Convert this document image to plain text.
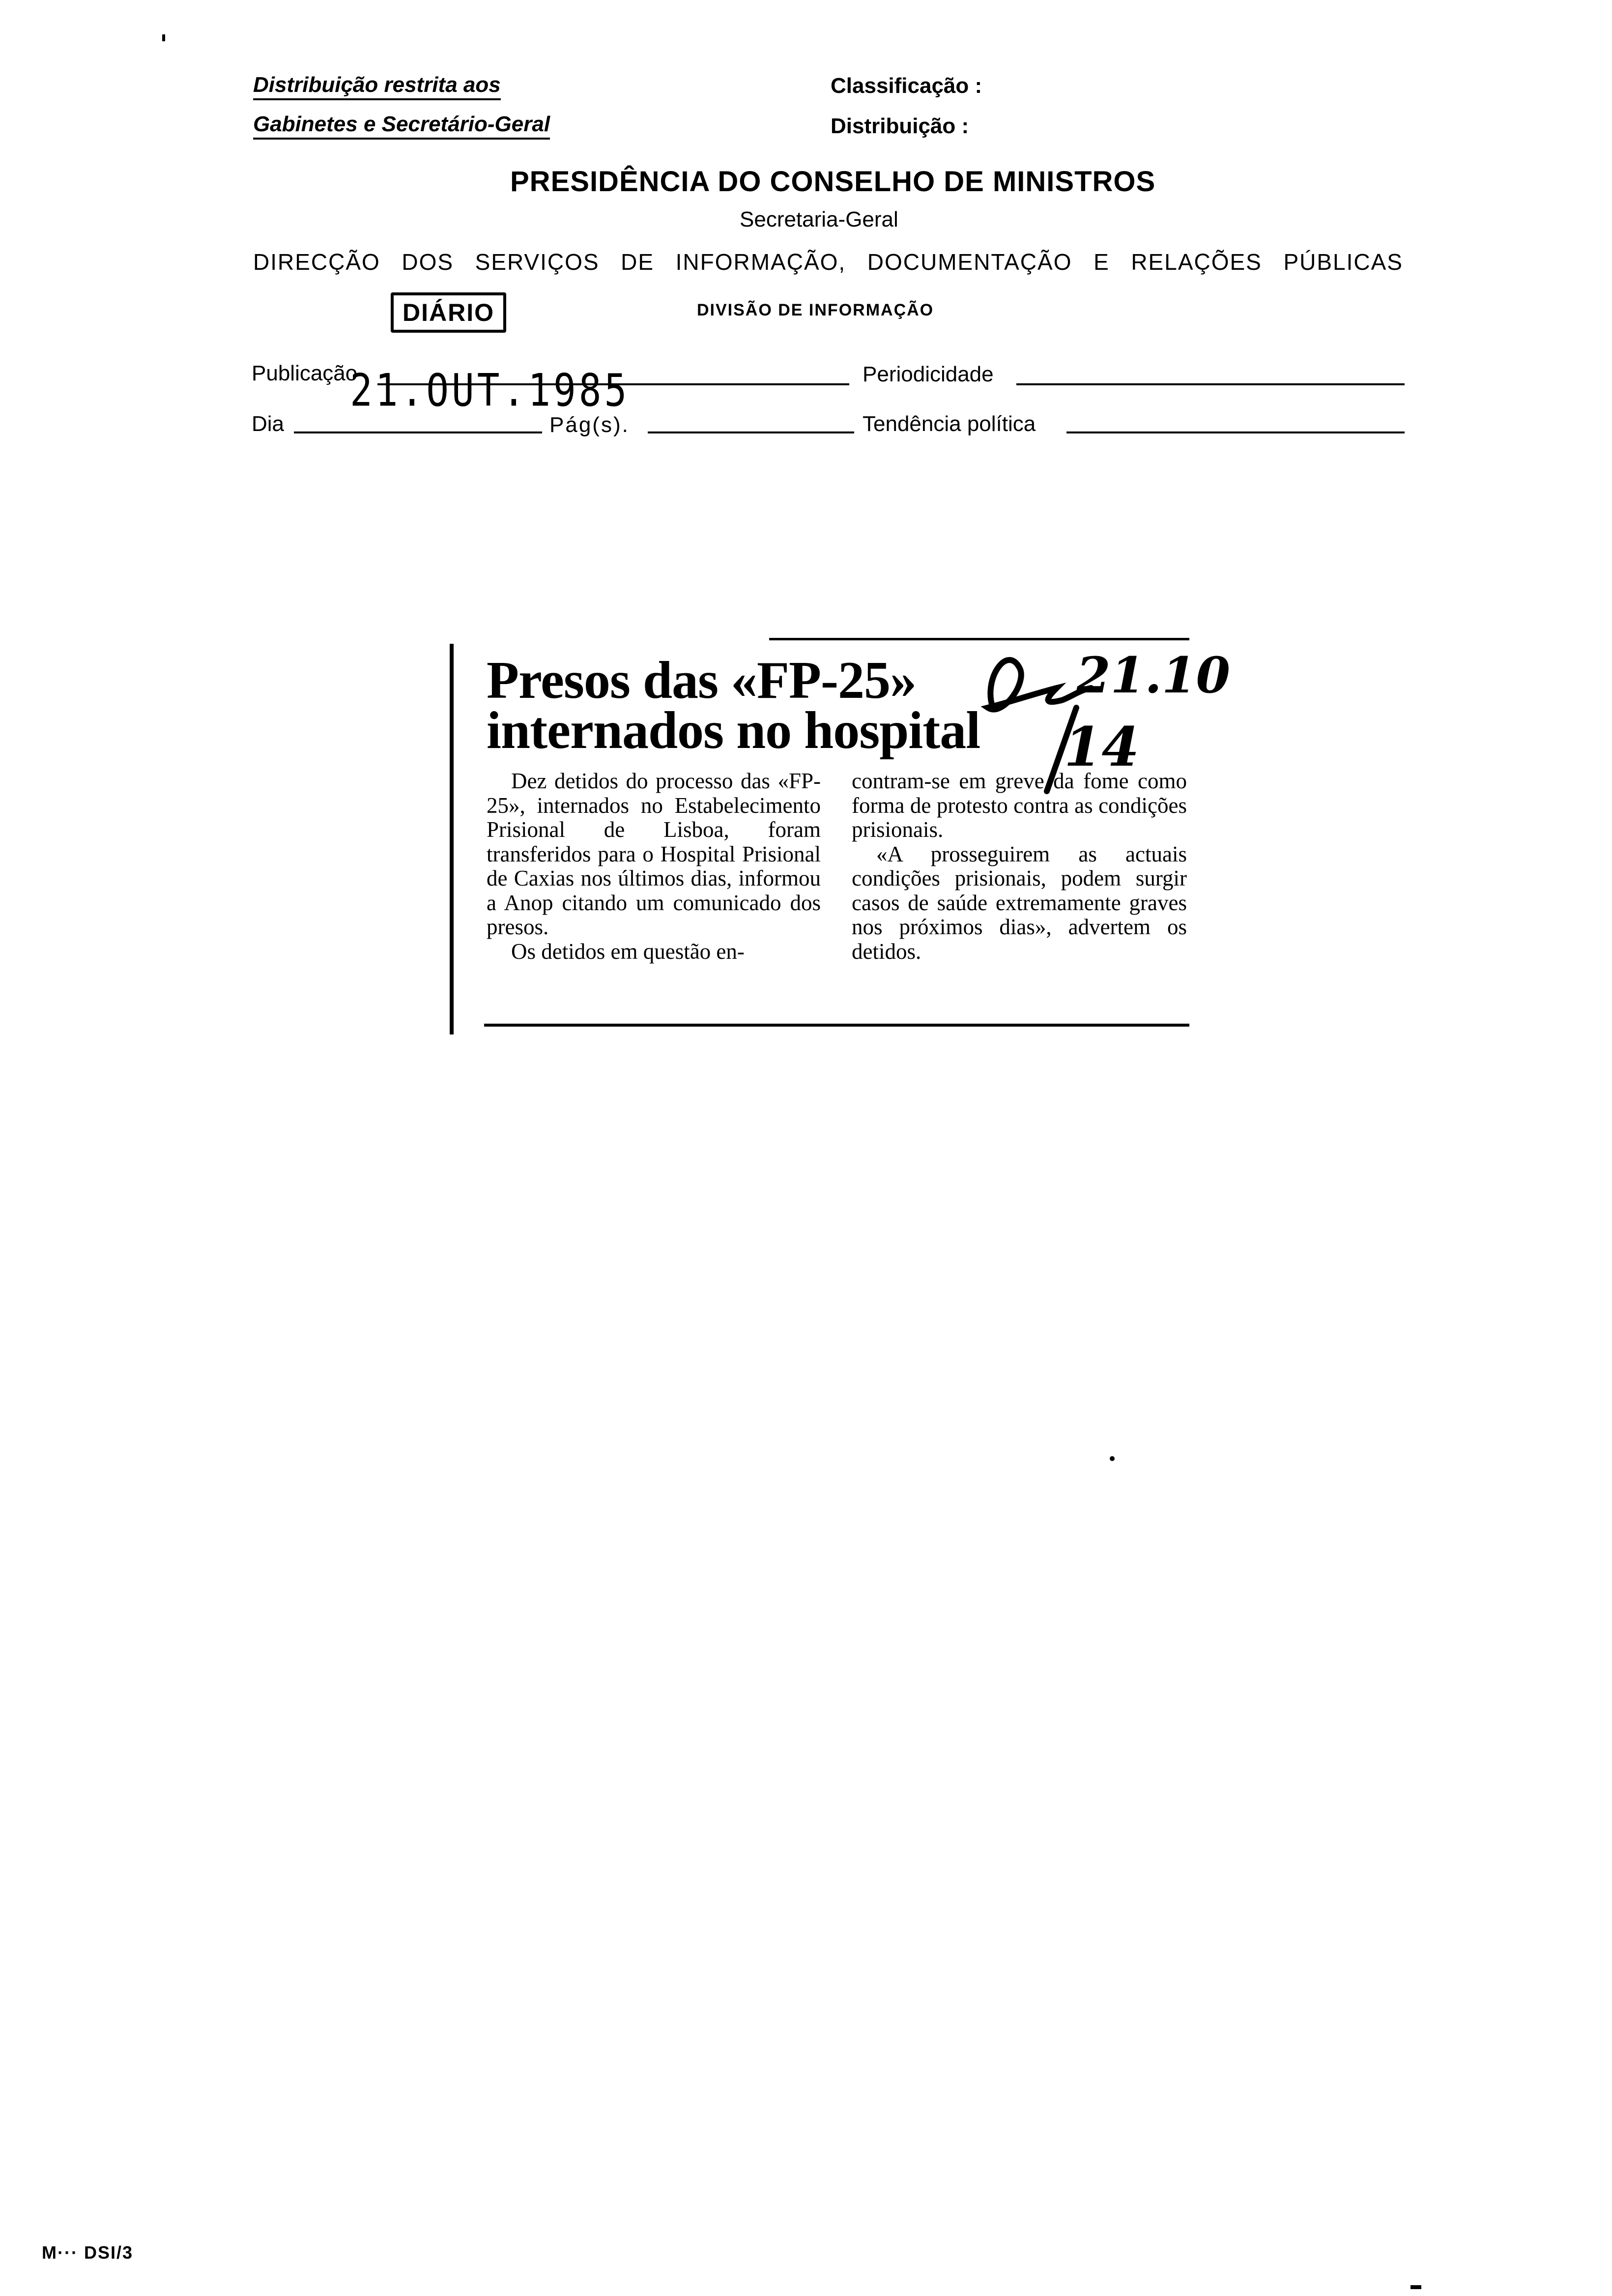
Distribuição restrita aos
Gabinetes e Secretário-Geral
Classificação :
Distribuição :
PRESIDÊNCIA DO CONSELHO DE MINISTROS
Secretaria-Geral
DIRECÇÃO DOS SERVIÇOS DE INFORMAÇÃO, DOCUMENTAÇÃO E RELAÇÕES PÚBLICAS
DIÁRIO	DIVISÃO DE INFORMAÇÃO
Publicação	Periodicidade
21.OUT.1985
Dia	Pág(s).	Tendência política
Presos das «FP-25»
internados no hospital

Dez detidos do processo das «FP-25», internados no Estabelecimento Prisional de Lisboa, foram transferidos para o Hospital Prisional de Caxias nos últimos dias, informou a Anop citando um comunicado dos presos.

Os detidos em questão en-

contram-se em greve da fome como forma de protesto contra as condições prisionais.

«A prosseguirem as actuais condições prisionais, podem surgir casos de saúde extremamente graves nos próximos dias», advertem os detidos.

21.10
14
M··· DSI/3
